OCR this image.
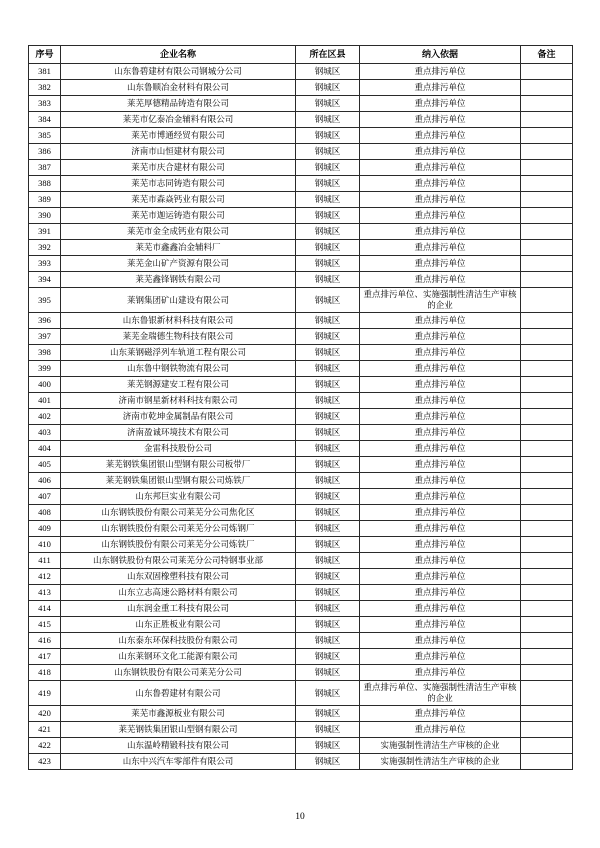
序号	企业名称	所在区县	纳入依据	备注
381	山东鲁碧建材有限公司钢城分公司	钢城区	重点排污单位	
382	山东鲁顺冶金材料有限公司	钢城区	重点排污单位	
383	莱芜厚德精品铸造有限公司	钢城区	重点排污单位	
384	莱芜市亿泰冶金辅料有限公司	钢城区	重点排污单位	
385	莱芜市博通经贸有限公司	钢城区	重点排污单位	
386	济南市山恒建材有限公司	钢城区	重点排污单位	
387	莱芜市庆合建材有限公司	钢城区	重点排污单位	
388	莱芜市志同铸造有限公司	钢城区	重点排污单位	
389	莱芜市森焱钙业有限公司	钢城区	重点排污单位	
390	莱芜市迦运铸造有限公司	钢城区	重点排污单位	
391	莱芜市金全成钙业有限公司	钢城区	重点排污单位	
392	莱芜市鑫鑫冶金辅料厂	钢城区	重点排污单位	
393	莱芜金山矿产资源有限公司	钢城区	重点排污单位	
394	莱芜鑫锋钢铁有限公司	钢城区	重点排污单位	
395	莱钢集团矿山建设有限公司	钢城区	重点排污单位、实施强制性清洁生产审核的企业	
396	山东鲁银新材料科技有限公司	钢城区	重点排污单位	
397	莱芜金瑞德生物科技有限公司	钢城区	重点排污单位	
398	山东莱钢磁浮列车轨道工程有限公司	钢城区	重点排污单位	
399	山东鲁中钢铁物流有限公司	钢城区	重点排污单位	
400	莱芜钢源建安工程有限公司	钢城区	重点排污单位	
401	济南市钢星新材料科技有限公司	钢城区	重点排污单位	
402	济南市乾坤金属制品有限公司	钢城区	重点排污单位	
403	济南盈诚环境技术有限公司	钢城区	重点排污单位	
404	金雷科技股份公司	钢城区	重点排污单位	
405	莱芜钢铁集团银山型钢有限公司板带厂	钢城区	重点排污单位	
406	莱芜钢铁集团银山型钢有限公司炼铁厂	钢城区	重点排污单位	
407	山东邦巨实业有限公司	钢城区	重点排污单位	
408	山东钢铁股份有限公司莱芜分公司焦化区	钢城区	重点排污单位	
409	山东钢铁股份有限公司莱芜分公司炼钢厂	钢城区	重点排污单位	
410	山东钢铁股份有限公司莱芜分公司炼铁厂	钢城区	重点排污单位	
411	山东钢铁股份有限公司莱芜分公司特钢事业部	钢城区	重点排污单位	
412	山东双固橡塑科技有限公司	钢城区	重点排污单位	
413	山东立志高速公路材料有限公司	钢城区	重点排污单位	
414	山东润金重工科技有限公司	钢城区	重点排污单位	
415	山东正胜板业有限公司	钢城区	重点排污单位	
416	山东泰东环保科技股份有限公司	钢城区	重点排污单位	
417	山东莱钢环文化工能源有限公司	钢城区	重点排污单位	
418	山东钢铁股份有限公司莱芜分公司	钢城区	重点排污单位	
419	山东鲁碧建材有限公司	钢城区	重点排污单位、实施强制性清洁生产审核的企业	
420	莱芜市鑫源板业有限公司	钢城区	重点排污单位	
421	莱芜钢铁集团银山型钢有限公司	钢城区	重点排污单位	
422	山东温岭精锻科技有限公司	钢城区	实施强制性清洁生产审核的企业	
423	山东中兴汽车零部件有限公司	钢城区	实施强制性清洁生产审核的企业	
10
